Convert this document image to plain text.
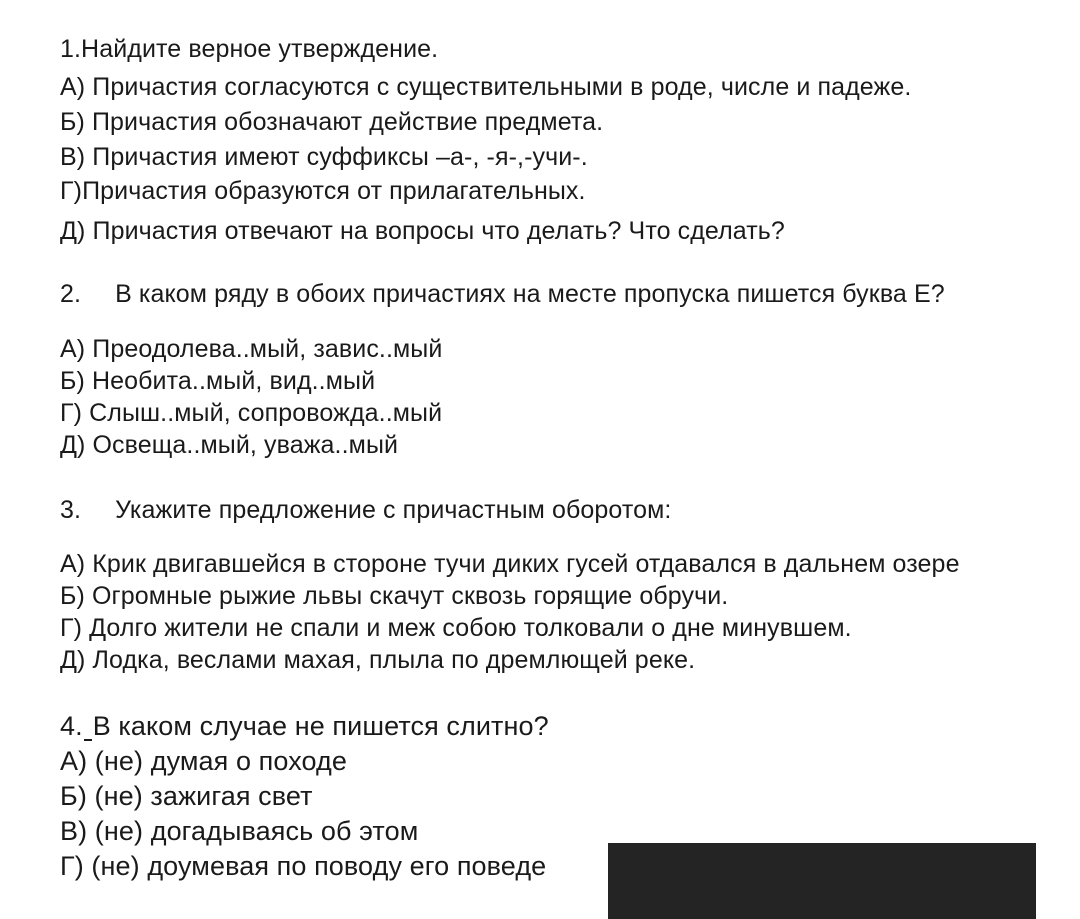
1.Найдите верное утверждение.
А) Причастия согласуются с существительными в роде, числе и падеже.
Б) Причастия обозначают действие предмета.
В) Причастия имеют суффиксы –а-, -я-,-учи-.
Г)Причастия образуются от прилагательных.
Д) Причастия отвечают на вопросы что делать? Что сделать?
2. В каком ряду в обоих причастиях на месте пропуска пишется буква Е?
А) Преодолева..мый, завис..мый
Б) Необита..мый, вид..мый
Г) Слыш..мый, сопровожда..мый
Д) Освеща..мый, уважа..мый
3. Укажите предложение с причастным оборотом:
А) Крик двигавшейся в стороне тучи диких гусей отдавался в дальнем озере
Б) Огромные рыжие львы скачут сквозь горящие обручи.
Г) Долго жители не спали и меж собою толковали о дне минувшем.
Д) Лодка, веслами махая, плыла по дремлющей реке.
4. В каком случае не пишется слитно?
А) (не) думая о походе
Б) (не) зажигая свет
В) (не) догадываясь об этом
Г) (не) доумевая по поводу его поведе
